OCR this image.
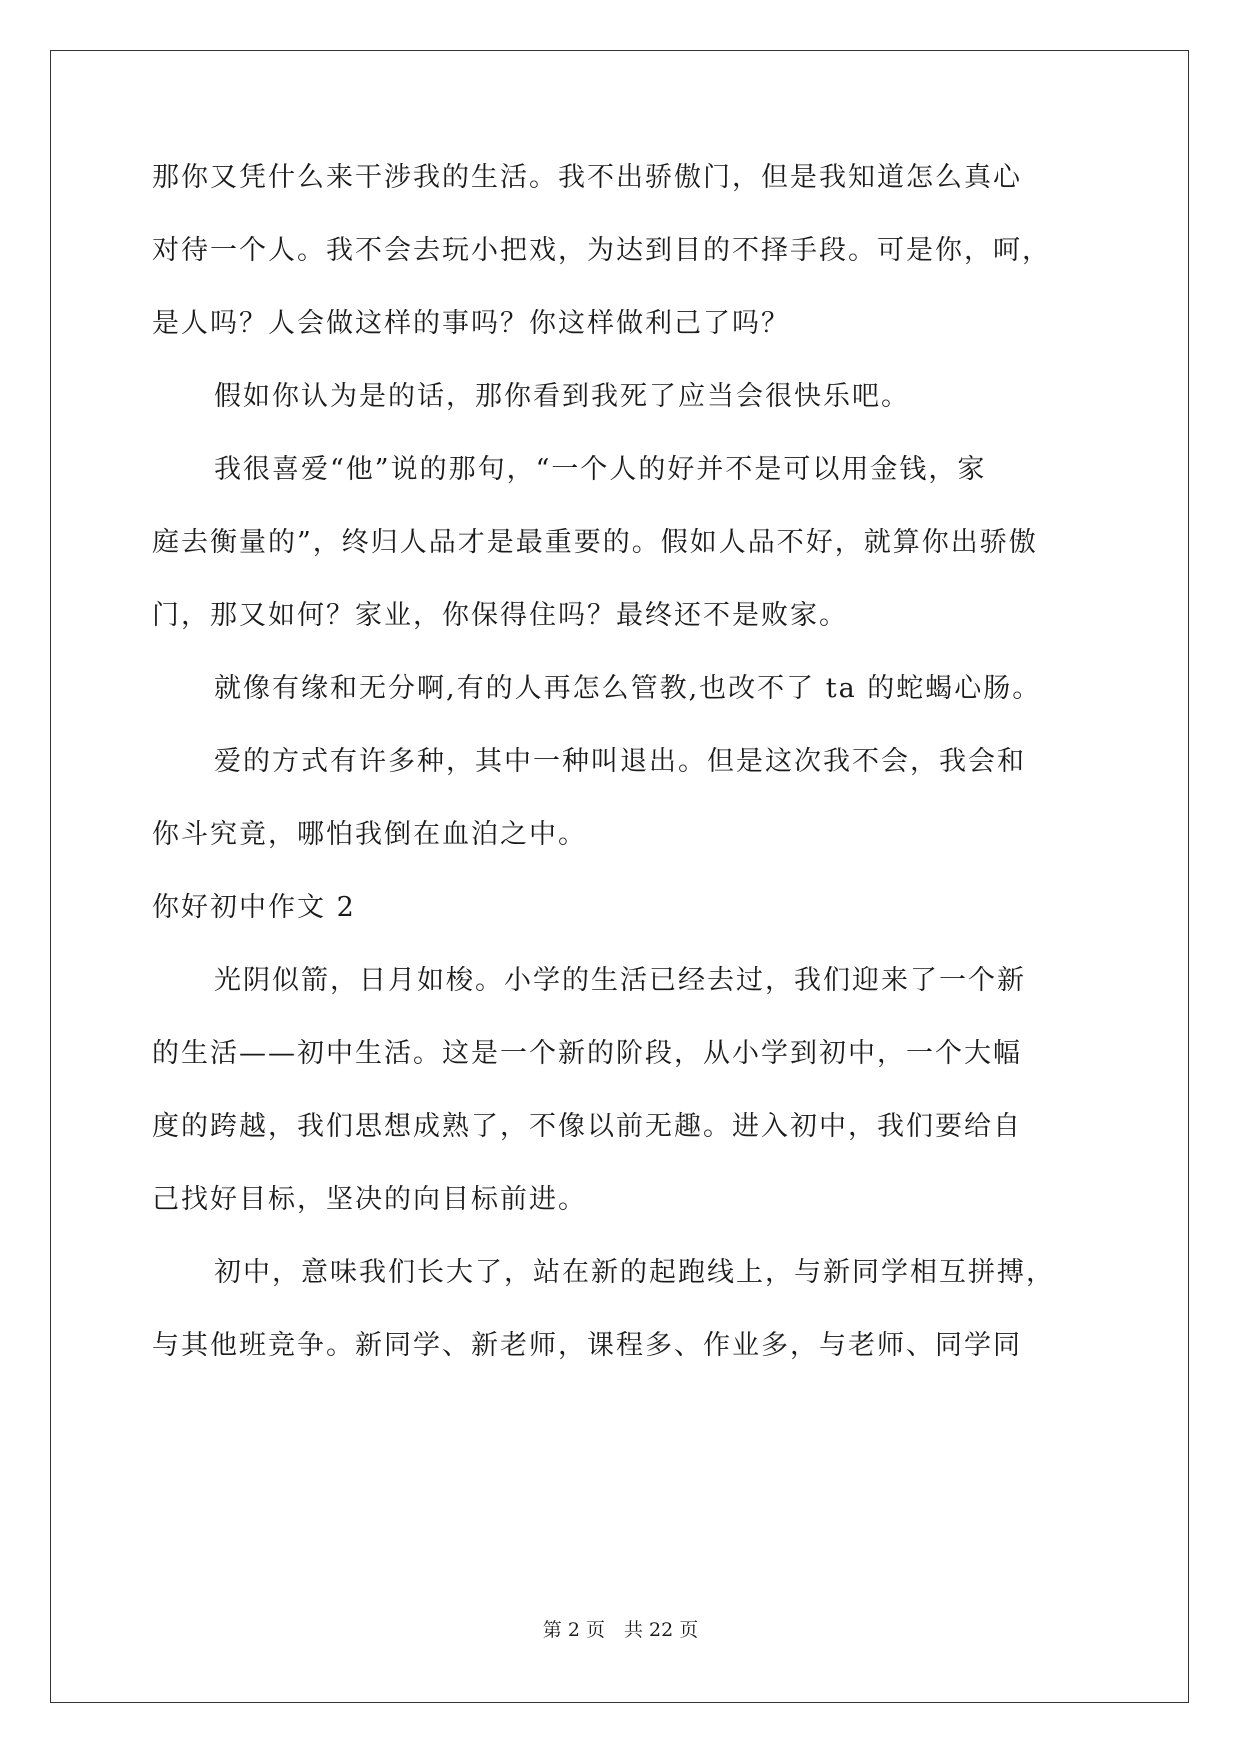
那你又凭什么来干涉我的生活。我不出骄傲门，但是我知道怎么真心
对待一个人。我不会去玩小把戏，为达到目的不择手段。可是你，呵，
是人吗？人会做这样的事吗？你这样做利己了吗？
假如你认为是的话，那你看到我死了应当会很快乐吧。
我很喜爱“他”说的那句，“一个人的好并不是可以用金钱，家
庭去衡量的”，终归人品才是最重要的。假如人品不好，就算你出骄傲
门，那又如何？家业，你保得住吗？最终还不是败家。
就像有缘和无分啊,有的人再怎么管教,也改不了 ta 的蛇蝎心肠。
爱的方式有许多种，其中一种叫退出。但是这次我不会，我会和
你斗究竟，哪怕我倒在血泊之中。
你好初中作文 2
光阴似箭，日月如梭。小学的生活已经去过，我们迎来了一个新
的生活——初中生活。这是一个新的阶段，从小学到初中，一个大幅
度的跨越，我们思想成熟了，不像以前无趣。进入初中，我们要给自
己找好目标，坚决的向目标前进。
初中，意味我们长大了，站在新的起跑线上，与新同学相互拼搏，
与其他班竞争。新同学、新老师，课程多、作业多，与老师、同学同
第 2 页　共 22 页
